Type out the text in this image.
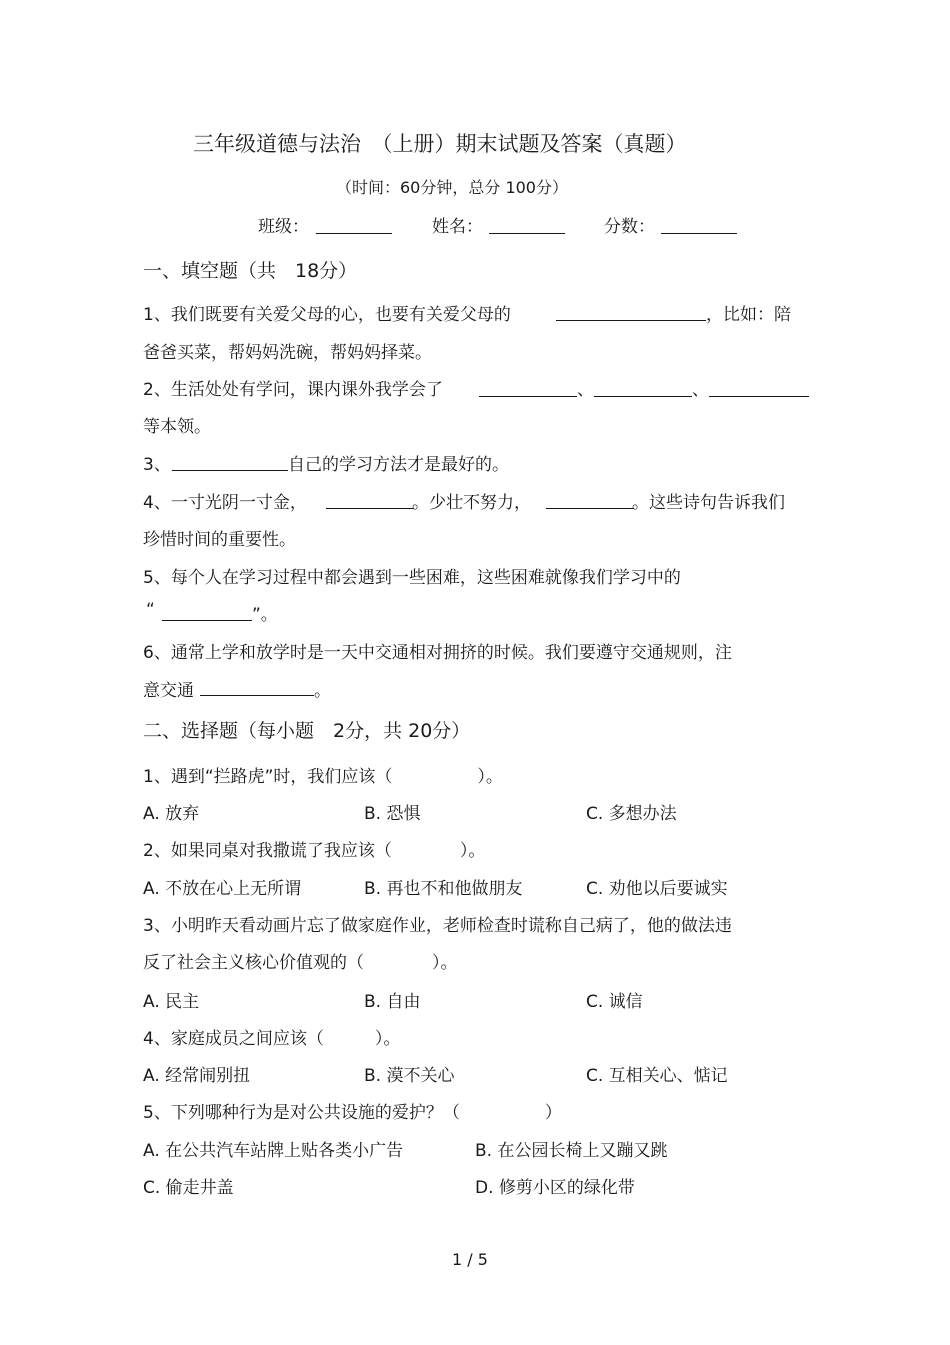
三年级道德与法治　（上册）期末试题及答案（真题）
（时间：60分钟，总分 100分）
班级：	姓名：	分数：
一、填空题（共　18分）
1、我们既要有关爱父母的心，也要有关爱父母的	，比如：陪
爸爸买菜，帮妈妈洗碗，帮妈妈择菜。
2、生活处处有学问，课内课外我学会了	、	、
等本领。
3、	自己的学习方法才是最好的。
4、一寸光阴一寸金，	。少壮不努力，	。这些诗句告诉我们
珍惜时间的重要性。
5、每个人在学习过程中都会遇到一些困难，这些困难就像我们学习中的
“	”。
6、通常上学和放学时是一天中交通相对拥挤的时候。我们要遵守交通规则，注
意交通	。
二、选择题（每小题　2分，共 20分）
1、遇到“拦路虎”时，我们应该（　　　　　）。
A. 放弃	B. 恐惧	C. 多想办法
2、如果同桌对我撒谎了我应该（　　　　）。
A. 不放在心上无所谓	B. 再也不和他做朋友	C. 劝他以后要诚实
3、小明昨天看动画片忘了做家庭作业，老师检查时谎称自己病了，他的做法违
反了社会主义核心价值观的（　　　　）。
A. 民主	B. 自由	C. 诚信
4、家庭成员之间应该（　　　）。
A. 经常闹别扭	B. 漠不关心	C. 互相关心、惦记
5、下列哪种行为是对公共设施的爱护？（　　　　　）
A. 在公共汽车站牌上贴各类小广告	B. 在公园长椅上又蹦又跳
C. 偷走井盖	D. 修剪小区的绿化带
1 / 5
